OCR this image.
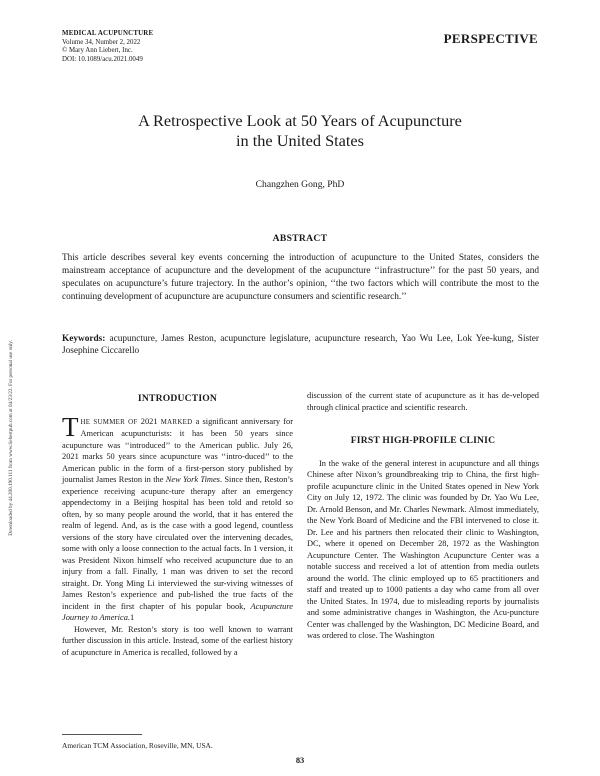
MEDICAL ACUPUNCTURE
Volume 34, Number 2, 2022
© Mary Ann Liebert, Inc.
DOI: 10.1089/acu.2021.0049
PERSPECTIVE
A Retrospective Look at 50 Years of Acupuncture
in the United States
Changzhen Gong, PhD
ABSTRACT

This article describes several key events concerning the introduction of acupuncture to the United States, considers the mainstream acceptance of acupuncture and the development of the acupuncture ‘‘infrastructure’’ for the past 50 years, and speculates on acupuncture’s future trajectory. In the author’s opinion, ‘‘the two factors which will contribute the most to the continuing development of acupuncture are acupuncture consumers and scientific research.’’

Keywords: acupuncture, James Reston, acupuncture legislature, acupuncture research, Yao Wu Lee, Lok Yee-kung, Sister Josephine Ciccarello

Downloaded by 44.200.190.111 from www.liebertpub.com at 04/23/22. For personal use only.	INTRODUCTION

THE SUMMER OF 2021 MARKED a significant anniversary for American acupuncturists: it has been 50 years since acupuncture was ‘‘introduced’’ to the American public. July 26, 2021 marks 50 years since acupuncture was ‘‘intro-duced’’ to the American public in the form of a first-person story published by journalist James Reston in the New York Times. Since then, Reston’s experience receiving acupunc-ture therapy after an emergency appendectomy in a Beijing hospital has been told and retold so often, by so many people around the world, that it has entered the realm of legend. And, as is the case with a good legend, countless versions of the story have circulated over the intervening decades, some with only a loose connection to the actual facts. In 1 version, it was President Nixon himself who received acupuncture due to an injury from a fall. Finally, 1 man was driven to set the record straight. Dr. Yong Ming Li interviewed the sur-viving witnesses of James Reston’s experience and pub-lished the true facts of the incident in the first chapter of his popular book, Acupuncture Journey to America.1

However, Mr. Reston’s story is too well known to warrant further discussion in this article. Instead, some of the earliest history of acupuncture in America is recalled, followed by a

discussion of the current state of acupuncture as it has de-veloped through clinical practice and scientific research.

FIRST HIGH-PROFILE CLINIC

In the wake of the general interest in acupuncture and all things Chinese after Nixon’s groundbreaking trip to China, the first high-profile acupuncture clinic in the United States opened in New York City on July 12, 1972. The clinic was founded by Dr. Yao Wu Lee, Dr. Arnold Benson, and Mr. Charles Newmark. Almost immediately, the New York Board of Medicine and the FBI intervened to close it. Dr. Lee and his partners then relocated their clinic to Washington, DC, where it opened on December 28, 1972 as the Washington Acupuncture Center. The Washington Acupuncture Center was a notable success and received a lot of attention from media outlets around the world. The clinic employed up to 65 practitioners and staff and treated up to 1000 patients a day who came from all over the United States. In 1974, due to misleading reports by journalists and some administrative changes in Washington, the Acu-puncture Center was challenged by the Washington, DC Medicine Board, and was ordered to close. The Washington

American TCM Association, Roseville, MN, USA.
83
